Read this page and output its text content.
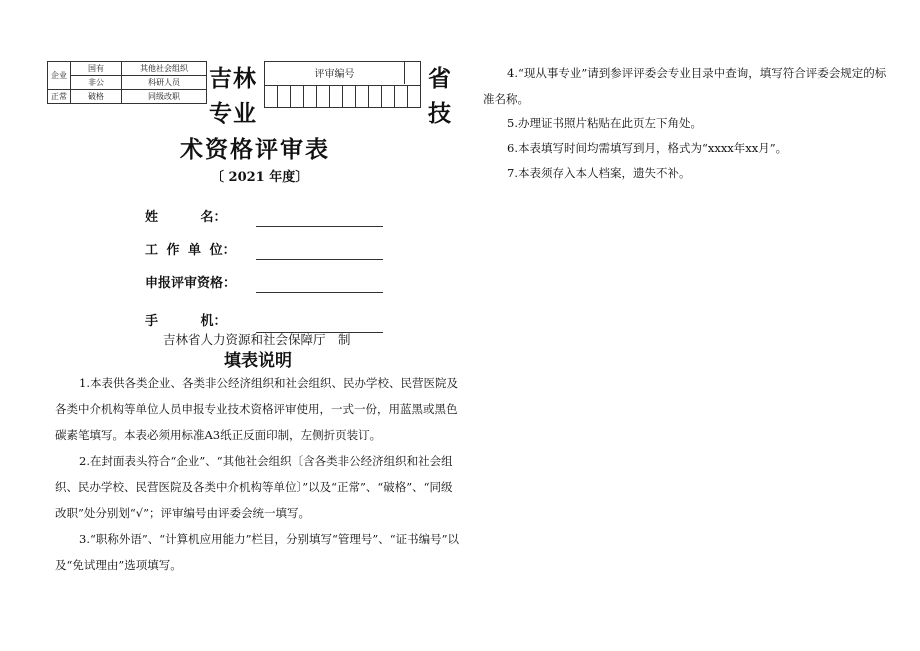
企业	国有	其他社会组织
	非公	科研人员
正常	破格	同级改职
吉林
专业
省
技
术资格评审表
〔 2021 年度〕
评审编号
姓 名：
工 作 单 位：
申报评审资格：
手 机：
吉林省人力资源和社会保障厅　制
填表说明
1.本表供各类企业、各类非公经济组织和社会组织、民办学校、民营医院及各类中介机构等单位人员申报专业技术资格评审使用，一式一份，用蓝黑或黑色碳素笔填写。本表必须用标准A3纸正反面印制，左侧折页装订。
2.在封面表头符合“企业”、“其他社会组织〔含各类非公经济组织和社会组织、民办学校、民营医院及各类中介机构等单位〕”以及“正常”、“破格”、“同级改职”处分别划“√”；评审编号由评委会统一填写。
3.“职称外语”、“计算机应用能力”栏目，分别填写“管理号”、“证书编号”以及“免试理由”选项填写。
4.“现从事专业”请到参评评委会专业目录中查询，填写符合评委会规定的标准名称。
5.办理证书照片粘贴在此页左下角处。
6.本表填写时间均需填写到月，格式为“xxxx年xx月”。
7.本表须存入本人档案，遗失不补。
